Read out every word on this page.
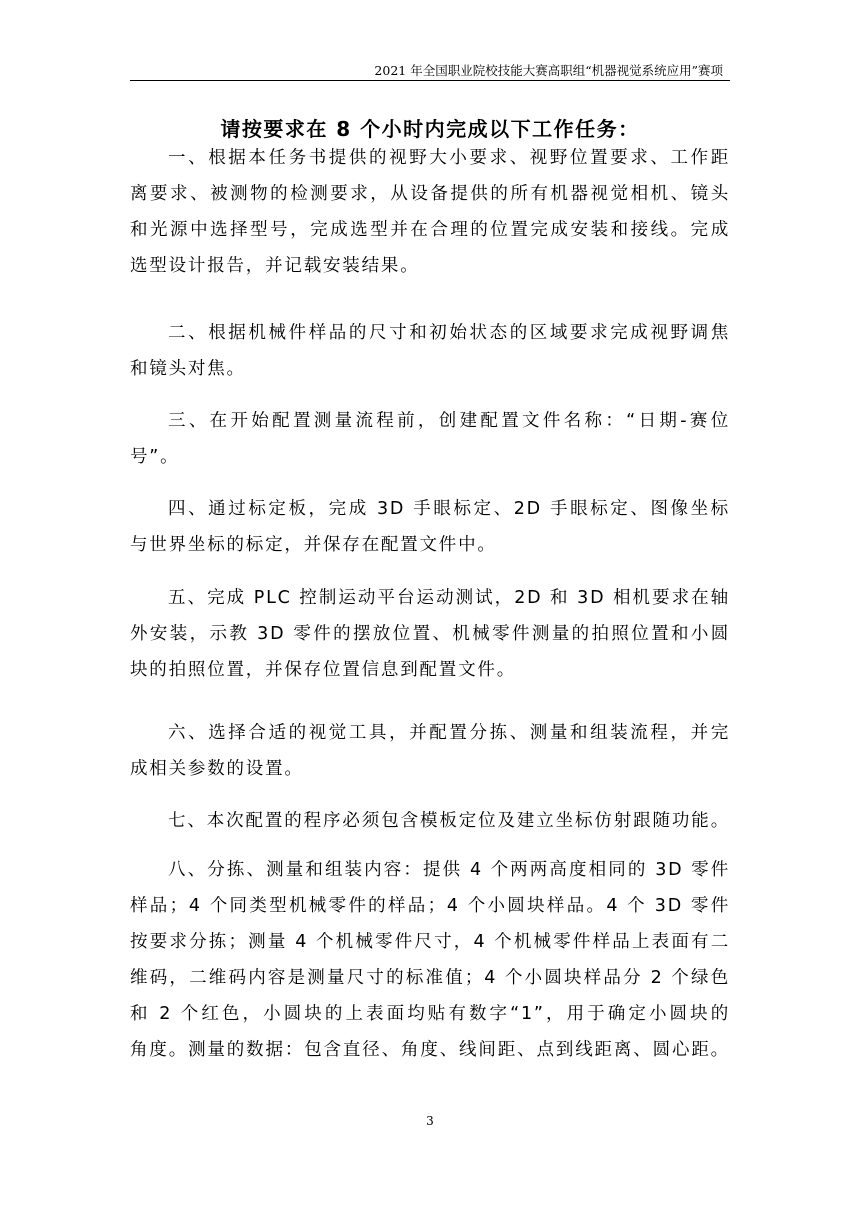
2021 年全国职业院校技能大赛高职组“机器视觉系统应用”赛项
请按要求在 8 个小时内完成以下工作任务：
一、根据本任务书提供的视野大小要求、视野位置要求、工作距
离要求、被测物的检测要求，从设备提供的所有机器视觉相机、镜头
和光源中选择型号，完成选型并在合理的位置完成安装和接线。完成
选型设计报告，并记载安装结果。
二、根据机械件样品的尺寸和初始状态的区域要求完成视野调焦
和镜头对焦。
三、在开始配置测量流程前，创建配置文件名称：“日期-赛位
号”。
四、通过标定板，完成 3D 手眼标定、2D 手眼标定、图像坐标
与世界坐标的标定，并保存在配置文件中。
五、完成 PLC 控制运动平台运动测试，2D 和 3D 相机要求在轴
外安装，示教 3D 零件的摆放位置、机械零件测量的拍照位置和小圆
块的拍照位置，并保存位置信息到配置文件。
六、选择合适的视觉工具，并配置分拣、测量和组装流程，并完
成相关参数的设置。
七、本次配置的程序必须包含模板定位及建立坐标仿射跟随功能。
八、分拣、测量和组装内容：提供 4 个两两高度相同的 3D 零件
样品；4 个同类型机械零件的样品；4 个小圆块样品。4 个 3D 零件
按要求分拣；测量 4 个机械零件尺寸，4 个机械零件样品上表面有二
维码，二维码内容是测量尺寸的标准值；4 个小圆块样品分 2 个绿色
和 2 个红色，小圆块的上表面均贴有数字“1”，用于确定小圆块的
角度。测量的数据：包含直径、角度、线间距、点到线距离、圆心距。
3
